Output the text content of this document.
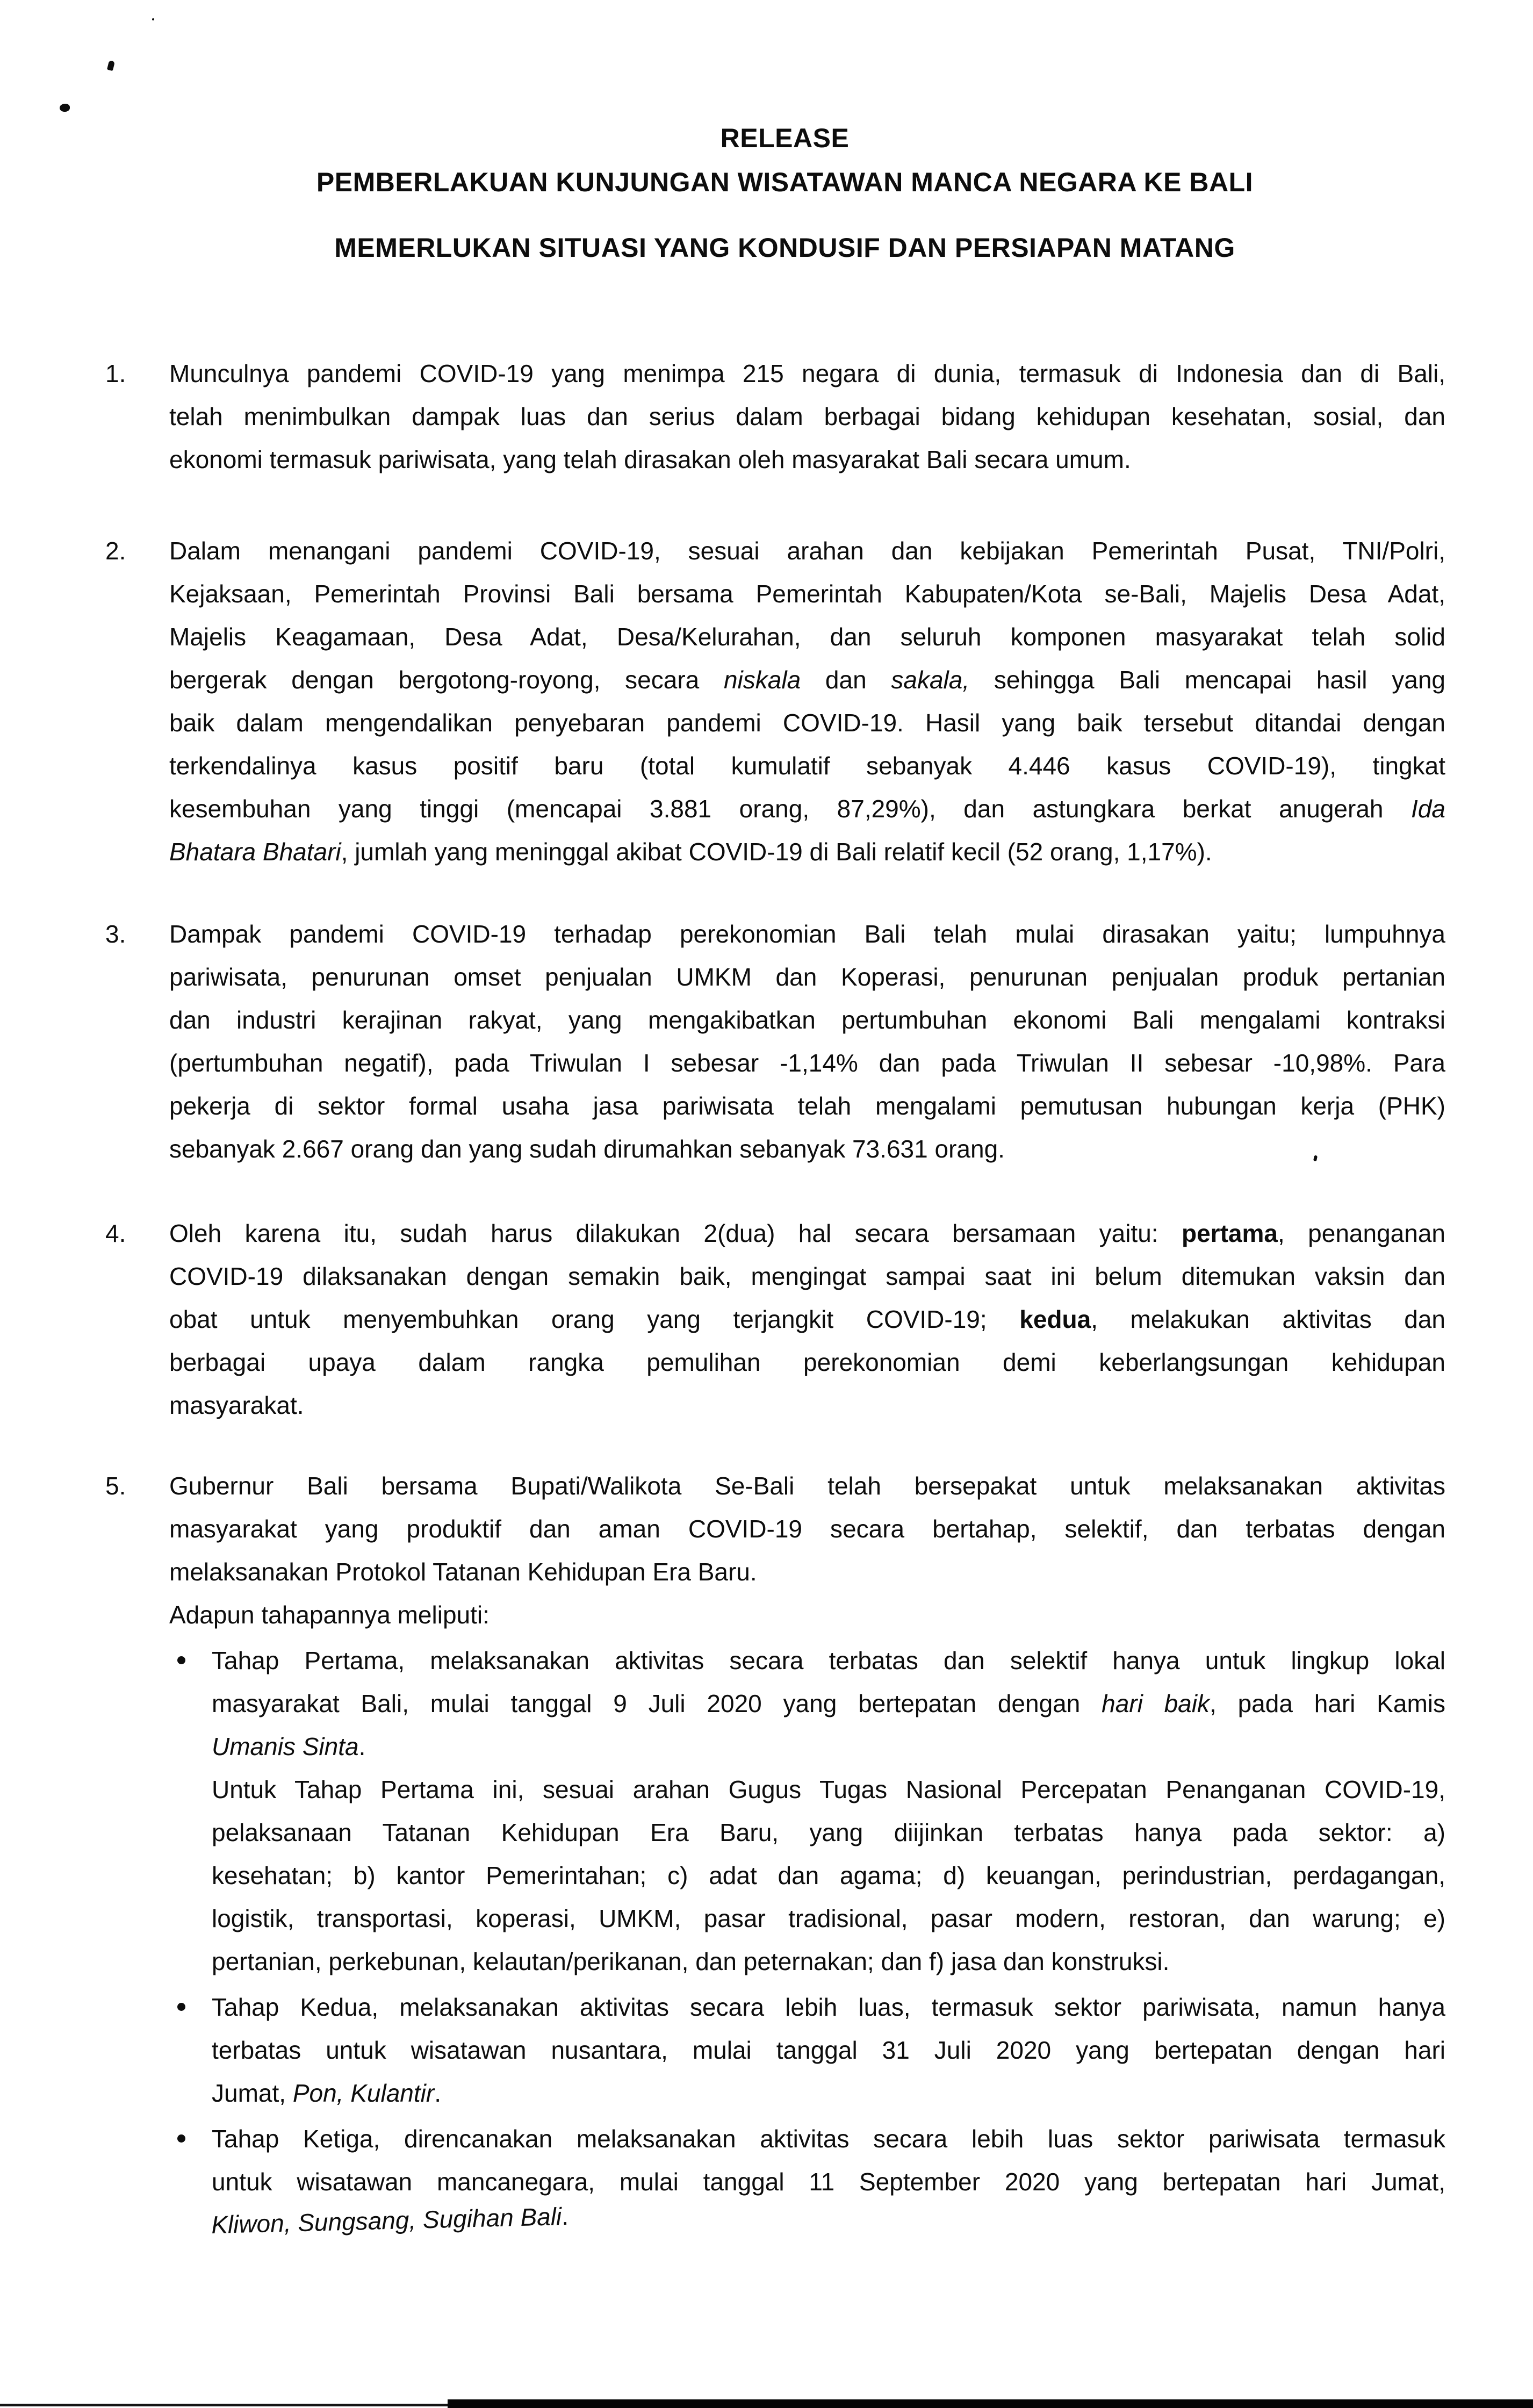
RELEASE
PEMBERLAKUAN KUNJUNGAN WISATAWAN MANCA NEGARA KE BALI
MEMERLUKAN SITUASI YANG KONDUSIF DAN PERSIAPAN MATANG
1.	Munculnya pandemi COVID-19 yang menimpa 215 negara di dunia, termasuk di Indonesia dan di Bali,
telah menimbulkan dampak luas dan serius dalam berbagai bidang kehidupan kesehatan, sosial, dan
ekonomi termasuk pariwisata, yang telah dirasakan oleh masyarakat Bali secara umum.
2.	Dalam menangani pandemi COVID-19, sesuai arahan dan kebijakan Pemerintah Pusat, TNI/Polri,
Kejaksaan, Pemerintah Provinsi Bali bersama Pemerintah Kabupaten/Kota se-Bali, Majelis Desa Adat,
Majelis Keagamaan, Desa Adat, Desa/Kelurahan, dan seluruh komponen masyarakat telah solid
bergerak dengan bergotong-royong, secara niskala dan sakala, sehingga Bali mencapai hasil yang
baik dalam mengendalikan penyebaran pandemi COVID-19. Hasil yang baik tersebut ditandai dengan
terkendalinya kasus positif baru (total kumulatif sebanyak 4.446 kasus COVID-19), tingkat
kesembuhan yang tinggi (mencapai 3.881 orang, 87,29%), dan astungkara berkat anugerah Ida
Bhatara Bhatari, jumlah yang meninggal akibat COVID-19 di Bali relatif kecil (52 orang, 1,17%).
3.	Dampak pandemi COVID-19 terhadap perekonomian Bali telah mulai dirasakan yaitu; lumpuhnya
pariwisata, penurunan omset penjualan UMKM dan Koperasi, penurunan penjualan produk pertanian
dan industri kerajinan rakyat, yang mengakibatkan pertumbuhan ekonomi Bali mengalami kontraksi
(pertumbuhan negatif), pada Triwulan I sebesar -1,14% dan pada Triwulan II sebesar -10,98%. Para
pekerja di sektor formal usaha jasa pariwisata telah mengalami pemutusan hubungan kerja (PHK)
sebanyak 2.667 orang dan yang sudah dirumahkan sebanyak 73.631 orang.
4.	Oleh karena itu, sudah harus dilakukan 2(dua) hal secara bersamaan yaitu: pertama, penanganan
COVID-19 dilaksanakan dengan semakin baik, mengingat sampai saat ini belum ditemukan vaksin dan
obat untuk menyembuhkan orang yang terjangkit COVID-19; kedua, melakukan aktivitas dan
berbagai upaya dalam rangka pemulihan perekonomian demi keberlangsungan kehidupan
masyarakat.
5.	Gubernur Bali bersama Bupati/Walikota Se-Bali telah bersepakat untuk melaksanakan aktivitas
masyarakat yang produktif dan aman COVID-19 secara bertahap, selektif, dan terbatas dengan
melaksanakan Protokol Tatanan Kehidupan Era Baru.
Adapun tahapannya meliputi:
Tahap Pertama, melaksanakan aktivitas secara terbatas dan selektif hanya untuk lingkup lokal
masyarakat Bali, mulai tanggal 9 Juli 2020 yang bertepatan dengan hari baik, pada hari Kamis
Umanis Sinta.
Untuk Tahap Pertama ini, sesuai arahan Gugus Tugas Nasional Percepatan Penanganan COVID-19,
pelaksanaan Tatanan Kehidupan Era Baru, yang diijinkan terbatas hanya pada sektor: a)
kesehatan; b) kantor Pemerintahan; c) adat dan agama; d) keuangan, perindustrian, perdagangan,
logistik, transportasi, koperasi, UMKM, pasar tradisional, pasar modern, restoran, dan warung; e)
pertanian, perkebunan, kelautan/perikanan, dan peternakan; dan f) jasa dan konstruksi.
Tahap Kedua, melaksanakan aktivitas secara lebih luas, termasuk sektor pariwisata, namun hanya
terbatas untuk wisatawan nusantara, mulai tanggal 31 Juli 2020 yang bertepatan dengan hari
Jumat, Pon, Kulantir.
Tahap Ketiga, direncanakan melaksanakan aktivitas secara lebih luas sektor pariwisata termasuk
untuk wisatawan mancanegara, mulai tanggal 11 September 2020 yang bertepatan hari Jumat,
Kliwon, Sungsang, Sugihan Bali.
